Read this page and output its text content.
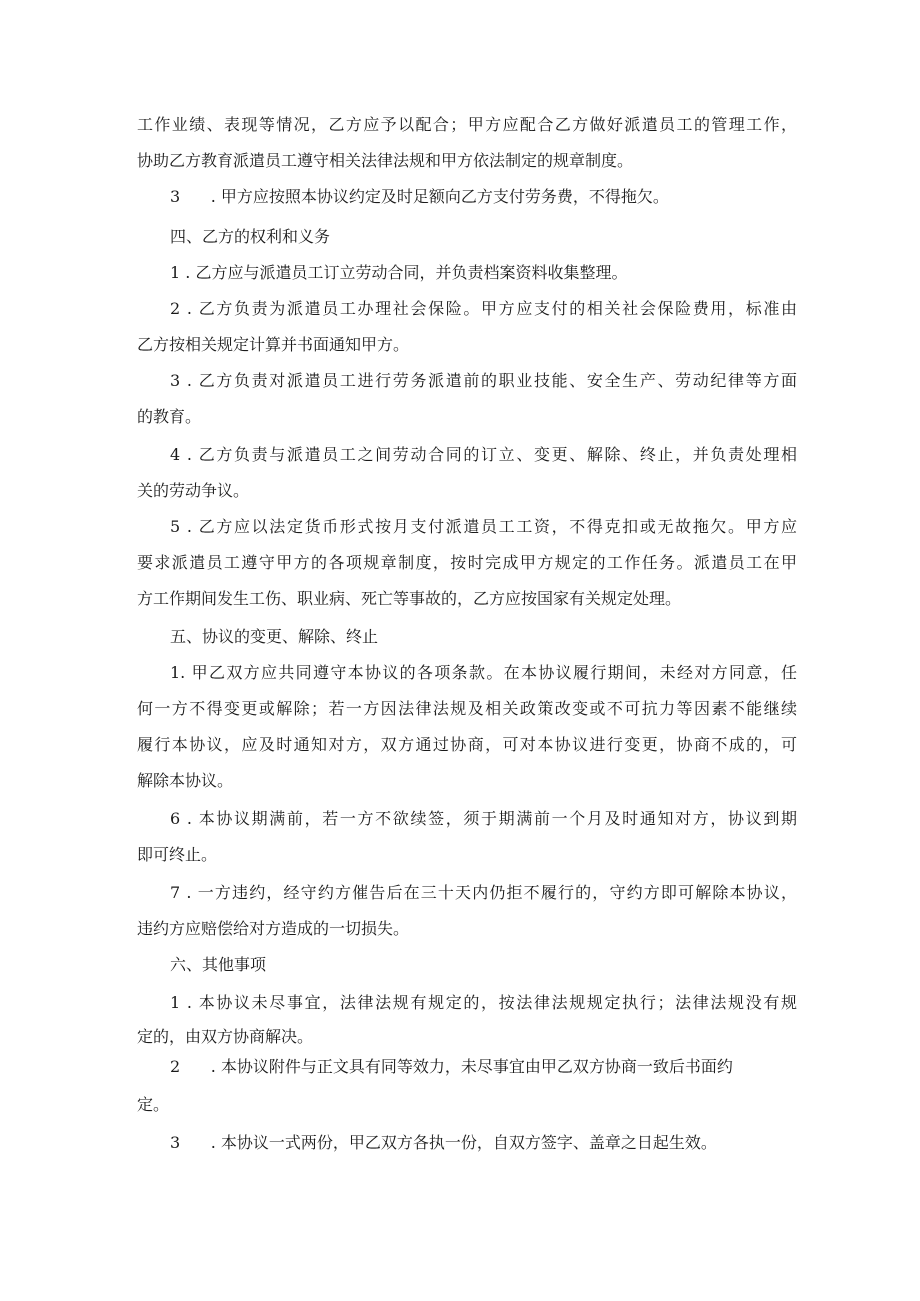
工作业绩、表现等情况，乙方应予以配合；甲方应配合乙方做好派遣员工的管理工作，
协助乙方教育派遣员工遵守相关法律法规和甲方依法制定的规章制度。
3 . 甲方应按照本协议约定及时足额向乙方支付劳务费，不得拖欠。
四、乙方的权利和义务
1 . 乙方应与派遣员工订立劳动合同，并负责档案资料收集整理。
2 . 乙方负责为派遣员工办理社会保险。甲方应支付的相关社会保险费用，标准由
乙方按相关规定计算并书面通知甲方。
3 . 乙方负责对派遣员工进行劳务派遣前的职业技能、安全生产、劳动纪律等方面
的教育。
4 . 乙方负责与派遣员工之间劳动合同的订立、变更、解除、终止，并负责处理相
关的劳动争议。
5 . 乙方应以法定货币形式按月支付派遣员工工资，不得克扣或无故拖欠。甲方应
要求派遣员工遵守甲方的各项规章制度，按时完成甲方规定的工作任务。派遣员工在甲
方工作期间发生工伤、职业病、死亡等事故的，乙方应按国家有关规定处理。
五、协议的变更、解除、终止
1. 甲乙双方应共同遵守本协议的各项条款。在本协议履行期间，未经对方同意，任
何一方不得变更或解除；若一方因法律法规及相关政策改变或不可抗力等因素不能继续
履行本协议，应及时通知对方，双方通过协商，可对本协议进行变更，协商不成的，可
解除本协议。
6 . 本协议期满前，若一方不欲续签，须于期满前一个月及时通知对方，协议到期
即可终止。
7 . 一方违约，经守约方催告后在三十天内仍拒不履行的，守约方即可解除本协议，
违约方应赔偿给对方造成的一切损失。
六、其他事项
1 . 本协议未尽事宜，法律法规有规定的，按法律法规规定执行；法律法规没有规
定的，由双方协商解决。
2 . 本协议附件与正文具有同等效力，未尽事宜由甲乙双方协商一致后书面约
定。
3 . 本协议一式两份，甲乙双方各执一份，自双方签字、盖章之日起生效。
